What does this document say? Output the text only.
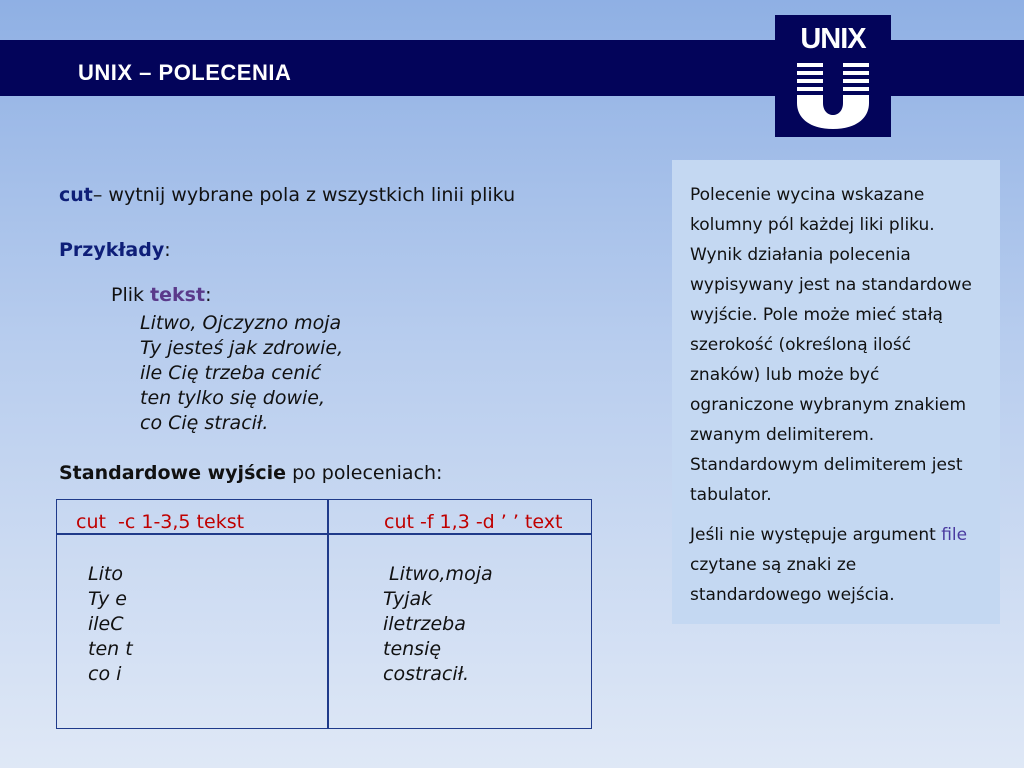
UNIX – POLECENIA
UNIX
cut– wytnij wybrane pola z wszystkich linii pliku
Przykłady:
Plik tekst:
Litwo, Ojczyzno moja
Ty jesteś jak zdrowie,
ile Cię trzeba cenić
ten tylko się dowie,
co Cię stracił.
Standardowe wyjście po poleceniach:
cut  -c 1-3,5 tekst	cut -f 1,3 -d ’ ’ text
Lito
Ty e
ileC
ten t
co i
Litwo,moja
Tyjak
iletrzeba
tensię
costracił.

Polecenie wycina wskazane kolumny pól każdej liki pliku. Wynik działania polecenia wypisywany jest na standardowe wyjście. Pole może mieć stałą szerokość (określoną ilość znaków) lub może być ograniczone wybranym znakiem zwanym delimiterem. Standardowym delimiterem jest tabulator.

Jeśli nie występuje argument file czytane są znaki ze standardowego wejścia.
